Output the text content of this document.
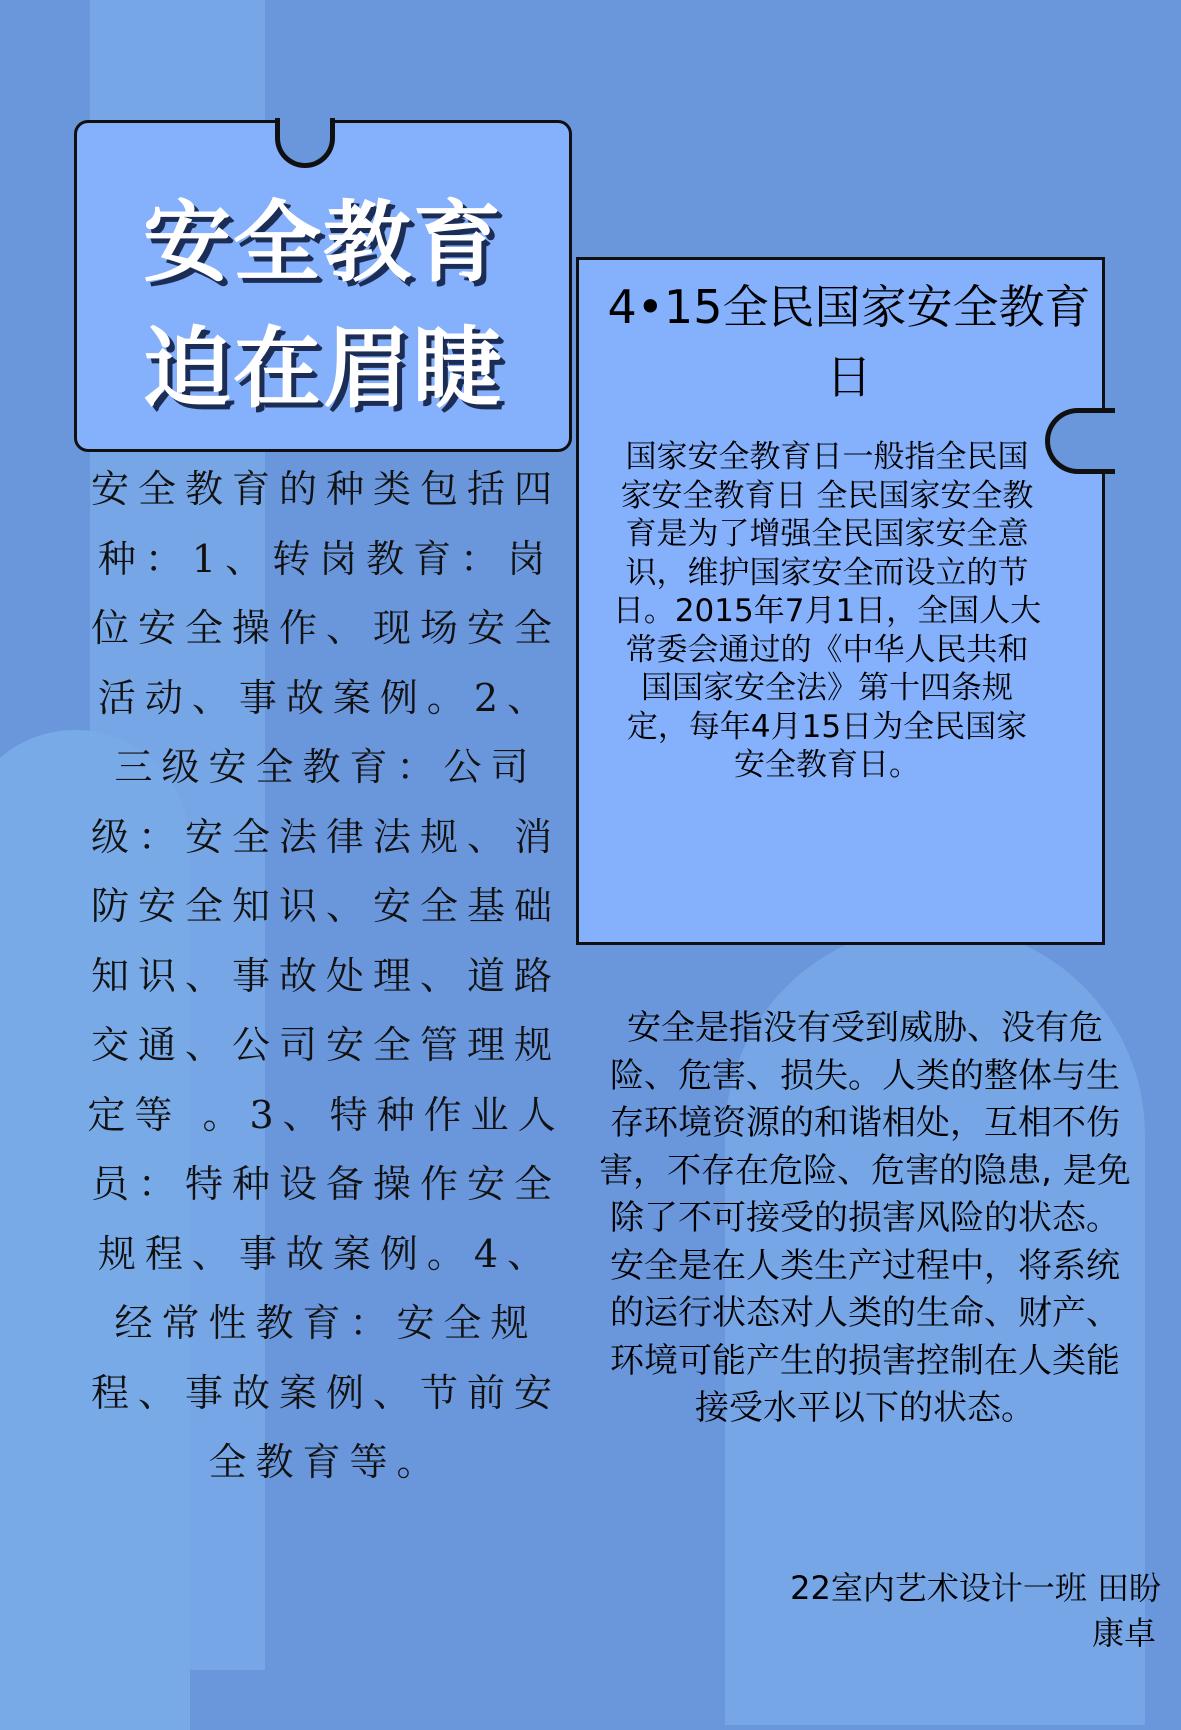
安全教育
迫在眉睫
4•15全民国家安全教育日
国家安全教育日一般指全民国家安全教育日 全民国家安全教育是为了增强全民国家安全意识，维护国家安全而设立的节日。2015年7月1日，全国人大常委会通过的《中华人民共和国国家安全法》第十四条规定，每年4月15日为全民国家安全教育日。
安全教育的种类包括四种：1、转岗教育：岗位安全操作、现场安全活动、事故案例。2、三级安全教育：公司级：安全法律法规、消防安全知识、安全基础知识、事故处理、道路交通、公司安全管理规定等 。3、特种作业人员：特种设备操作安全规程、事故案例。4、经常性教育：安全规程、事故案例、节前安全教育等。
安全是指没有受到威胁、没有危险、危害、损失。人类的整体与生存环境资源的和谐相处，互相不伤害，不存在危险、危害的隐患, 是免除了不可接受的损害风险的状态。安全是在人类生产过程中，将系统的运行状态对人类的生命、财产、环境可能产生的损害控制在人类能接受水平以下的状态。
22室内艺术设计一班 田盼
康卓
